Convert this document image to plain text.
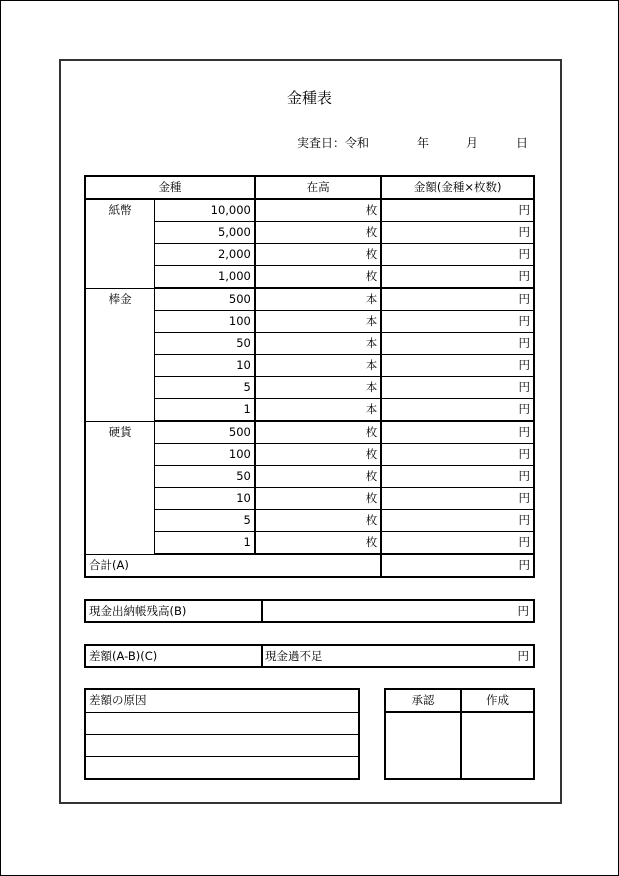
金種表
実査日：令和	年	月	日
金種		在高	金額(金種×枚数)
紙幣	10,000	枚	円
	5,000	枚	円
	2,000	枚	円
	1,000	枚	円
棒金	500	本	円
	100	本	円
	50	本	円
	10	本	円
	5	本	円
	1	本	円
硬貨	500	枚	円
	100	枚	円
	50	枚	円
	10	枚	円
	5	枚	円
	1	枚	円
合計(A)			円
現金出納帳残高(B)	円
差額(A-B)(C)	現金過不足	円
差額の原因	承認	作成
